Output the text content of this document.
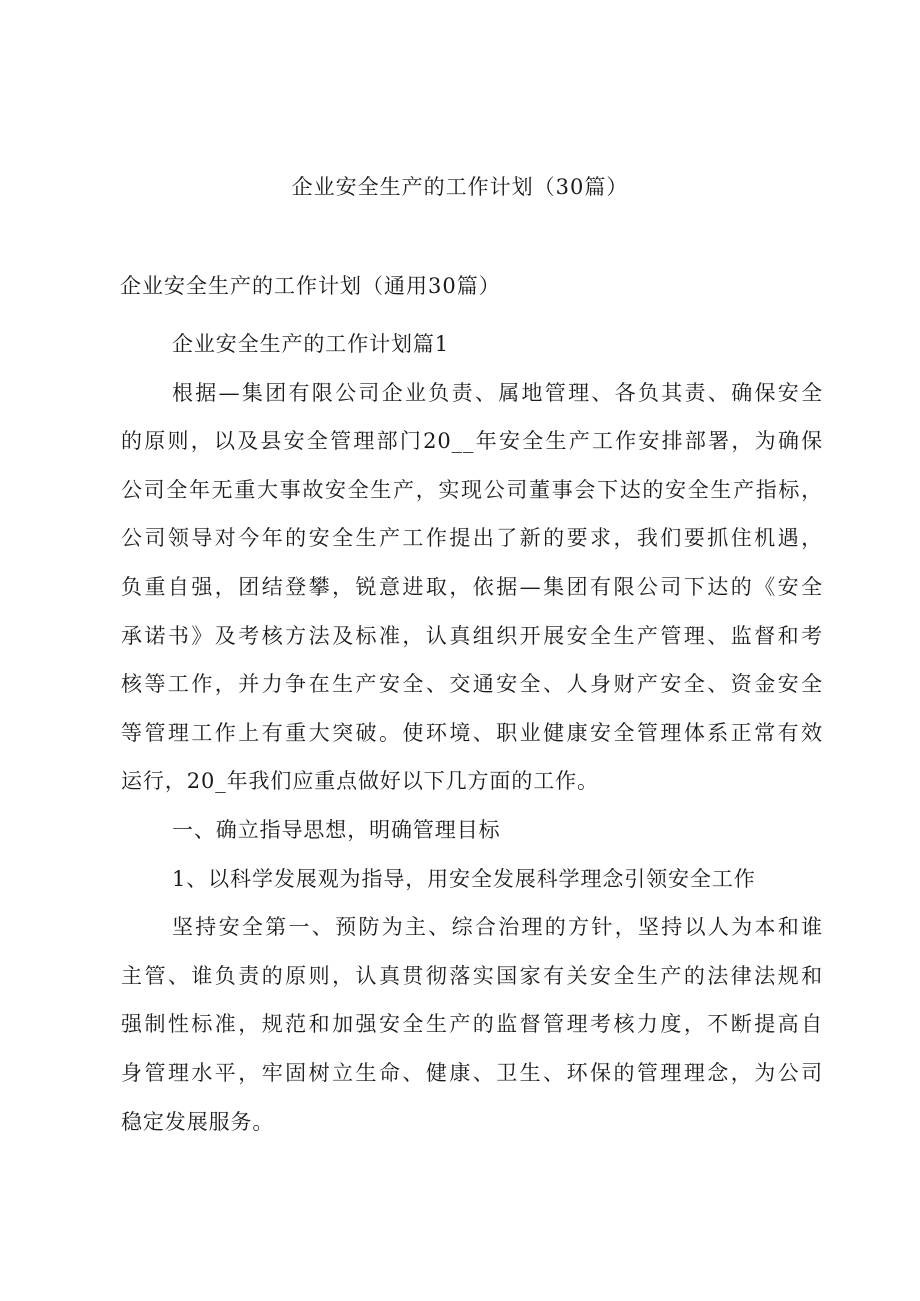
企业安全生产的工作计划（30篇）
企业安全生产的工作计划（通用30篇）
企业安全生产的工作计划篇1
根据—集团有限公司企业负责、属地管理、各负其责、确保安全
的原则，以及县安全管理部门20__年安全生产工作安排部署，为确保
公司全年无重大事故安全生产，实现公司董事会下达的安全生产指标，
公司领导对今年的安全生产工作提出了新的要求，我们要抓住机遇，
负重自强，团结登攀，锐意进取，依据—集团有限公司下达的《安全
承诺书》及考核方法及标准，认真组织开展安全生产管理、监督和考
核等工作，并力争在生产安全、交通安全、人身财产安全、资金安全
等管理工作上有重大突破。使环境、职业健康安全管理体系正常有效
运行，20_年我们应重点做好以下几方面的工作。
一、确立指导思想，明确管理目标
1、以科学发展观为指导，用安全发展科学理念引领安全工作
坚持安全第一、预防为主、综合治理的方针，坚持以人为本和谁
主管、谁负责的原则，认真贯彻落实国家有关安全生产的法律法规和
强制性标准，规范和加强安全生产的监督管理考核力度，不断提高自
身管理水平，牢固树立生命、健康、卫生、环保的管理理念，为公司
稳定发展服务。
